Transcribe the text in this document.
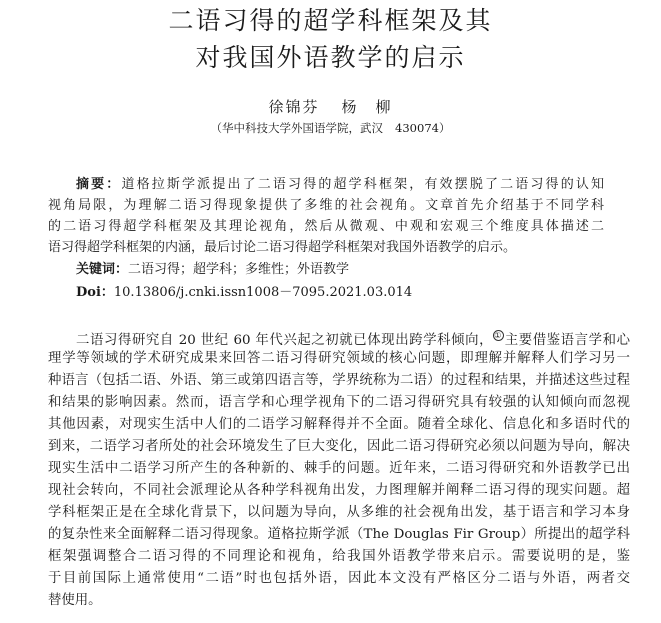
二语习得的超学科框架及其
对我国外语教学的启示
徐锦芬 杨　柳
（华中科技大学外国语学院，武汉 430074）
摘要：道格拉斯学派提出了二语习得的超学科框架，有效摆脱了二语习得的认知
视角局限，为理解二语习得现象提供了多维的社会视角。文章首先介绍基于不同学科
的二语习得超学科框架及其理论视角，然后从微观、中观和宏观三个维度具体描述二
语习得超学科框架的内涵，最后讨论二语习得超学科框架对我国外语教学的启示。
关键词：二语习得；超学科；多维性；外语教学
Doi：10.13806/j.cnki.issn1008－7095.2021.03.014
二语习得研究自 20 世纪 60 年代兴起之初就已体现出跨学科倾向，① 主要借鉴语言学和心
理学等领域的学术研究成果来回答二语习得研究领域的核心问题，即理解并解释人们学习另一
种语言（包括二语、外语、第三或第四语言等，学界统称为二语）的过程和结果，并描述这些过程
和结果的影响因素。然而，语言学和心理学视角下的二语习得研究具有较强的认知倾向而忽视
其他因素，对现实生活中人们的二语学习解释得并不全面。随着全球化、信息化和多语时代的
到来，二语学习者所处的社会环境发生了巨大变化，因此二语习得研究必须以问题为导向，解决
现实生活中二语学习所产生的各种新的、棘手的问题。近年来，二语习得研究和外语教学已出
现社会转向，不同社会派理论从各种学科视角出发，力图理解并阐释二语习得的现实问题。超
学科框架正是在全球化背景下，以问题为导向，从多维的社会视角出发，基于语言和学习本身
的复杂性来全面解释二语习得现象。道格拉斯学派（The Douglas Fir Group）所提出的超学科
框架强调整合二语习得的不同理论和视角，给我国外语教学带来启示。需要说明的是，鉴
于目前国际上通常使用“二语”时也包括外语，因此本文没有严格区分二语与外语，两者交
替使用。
